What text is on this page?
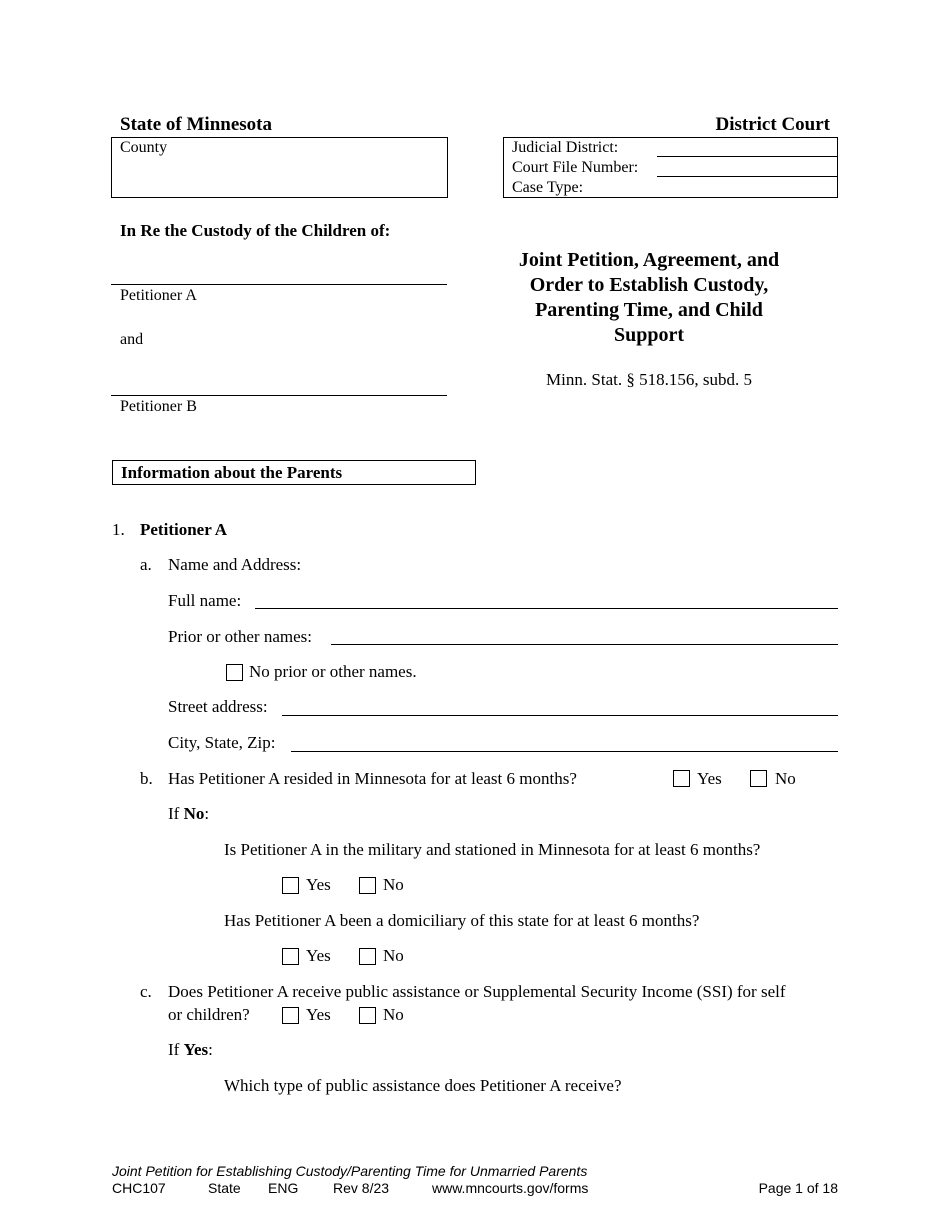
State of Minnesota	District Court
County	Judicial District:
Court File Number:
Case Type:
In Re the Custody of the Children of:
Petitioner A
and
Petitioner B
Joint Petition, Agreement, and
Order to Establish Custody,
Parenting Time, and Child
Support
Minn. Stat. § 518.156, subd. 5
Information about the Parents
1. Petitioner A
a. Name and Address:
Full name:
Prior or other names:
No prior or other names.
Street address:
City, State, Zip:
b. Has Petitioner A resided in Minnesota for at least 6 months?	Yes	No
If No:
Is Petitioner A in the military and stationed in Minnesota for at least 6 months?
Yes	No
Has Petitioner A been a domiciliary of this state for at least 6 months?
Yes	No
c. Does Petitioner A receive public assistance or Supplemental Security Income (SSI) for self
or children?	Yes	No
If Yes:
Which type of public assistance does Petitioner A receive?
Joint Petition for Establishing Custody/Parenting Time for Unmarried Parents
CHC107	State ENG Rev 8/23	www.mncourts.gov/forms	Page 1 of 18
